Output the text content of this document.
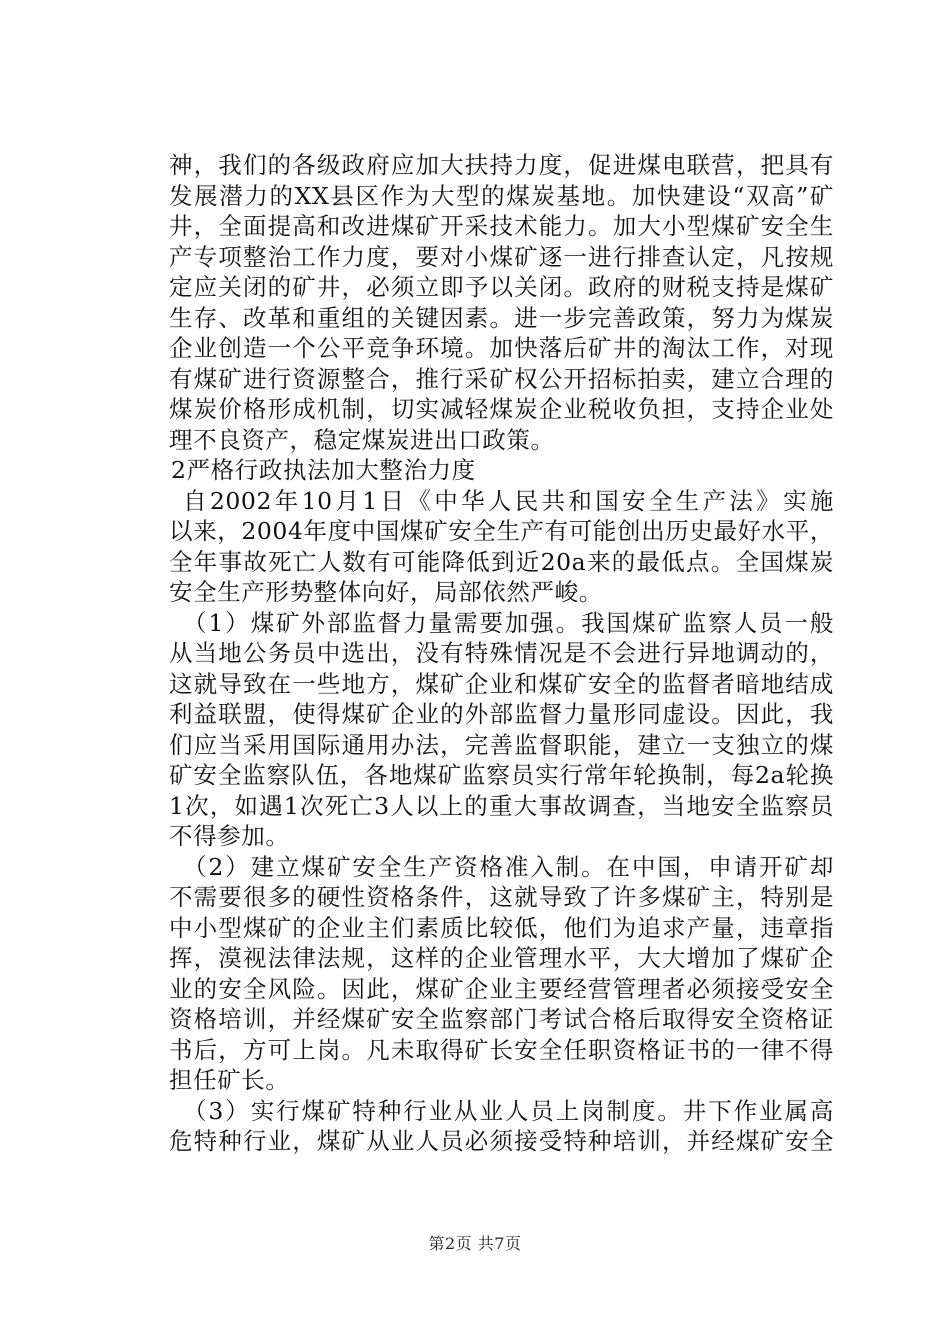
神，我们的各级政府应加大扶持力度，促进煤电联营，把具有
发展潜力的XX县区作为大型的煤炭基地。加快建设“双高”矿
井，全面提高和改进煤矿开采技术能力。加大小型煤矿安全生
产专项整治工作力度，要对小煤矿逐一进行排查认定，凡按规
定应关闭的矿井，必须立即予以关闭。政府的财税支持是煤矿
生存、改革和重组的关键因素。进一步完善政策，努力为煤炭
企业创造一个公平竞争环境。加快落后矿井的淘汰工作，对现
有煤矿进行资源整合，推行采矿权公开招标拍卖，建立合理的
煤炭价格形成机制，切实减轻煤炭企业税收负担，支持企业处
理不良资产，稳定煤炭进出口政策。
2严格行政执法加大整治力度
自2002年10月1日《中华人民共和国安全生产法》实施
以来，2004年度中国煤矿安全生产有可能创出历史最好水平，
全年事故死亡人数有可能降低到近20a来的最低点。全国煤炭
安全生产形势整体向好，局部依然严峻。
（1）煤矿外部监督力量需要加强。我国煤矿监察人员一般
从当地公务员中选出，没有特殊情况是不会进行异地调动的，
这就导致在一些地方，煤矿企业和煤矿安全的监督者暗地结成
利益联盟，使得煤矿企业的外部监督力量形同虚设。因此，我
们应当采用国际通用办法，完善监督职能，建立一支独立的煤
矿安全监察队伍，各地煤矿监察员实行常年轮换制，每2a轮换
1次，如遇1次死亡3人以上的重大事故调查，当地安全监察员
不得参加。
（2）建立煤矿安全生产资格准入制。在中国，申请开矿却
不需要很多的硬性资格条件，这就导致了许多煤矿主，特别是
中小型煤矿的企业主们素质比较低，他们为追求产量，违章指
挥，漠视法律法规，这样的企业管理水平，大大增加了煤矿企
业的安全风险。因此，煤矿企业主要经营管理者必须接受安全
资格培训，并经煤矿安全监察部门考试合格后取得安全资格证
书后，方可上岗。凡未取得矿长安全任职资格证书的一律不得
担任矿长。
（3）实行煤矿特种行业从业人员上岗制度。井下作业属高
危特种行业，煤矿从业人员必须接受特种培训，并经煤矿安全
第2页 共7页
